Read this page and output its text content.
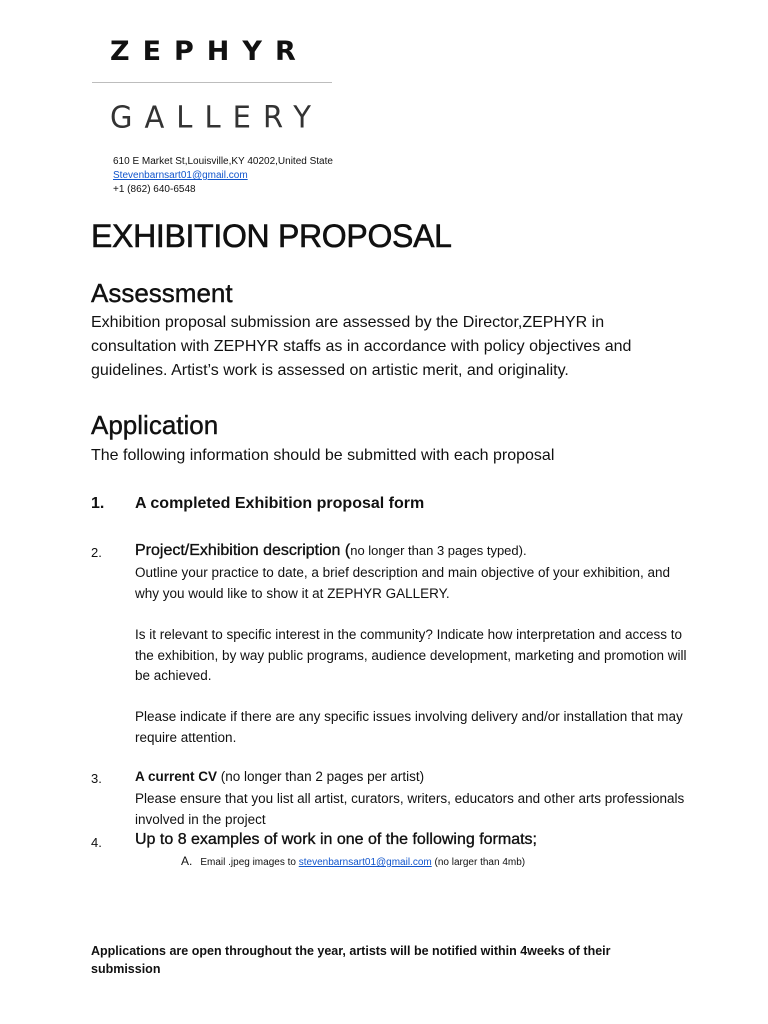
ZEPHYR
GALLERY
610 E Market St,Louisville,KY 40202,United State
Stevenbarnsart01@gmail.com
+1 (862) 640-6548
EXHIBITION PROPOSAL
Assessment

Exhibition proposal submission are assessed by the Director,ZEPHYR in consultation with ZEPHYR staffs as in accordance with policy objectives and guidelines. Artist’s work is assessed on artistic merit, and originality.

Application

The following information should be submitted with each proposal

1. A completed Exhibition proposal form
2. Project/Exhibition description (no longer than 3 pages typed).

Outline your practice to date, a brief description and main objective of your exhibition, and why you would like to show it at ZEPHYR GALLERY.

Is it relevant to specific interest in the community? Indicate how interpretation and access to the exhibition, by way public programs, audience development, marketing and promotion will be achieved.

Please indicate if there are any specific issues involving delivery and/or installation that may require attention.

3. A current CV (no longer than 2 pages per artist)

Please ensure that you list all artist, curators, writers, educators and other arts professionals involved in the project

4. Up to 8 examples of work in one of the following formats;
A. Email .jpeg images to stevenbarnsart01@gmail.com (no larger than 4mb)

Applications are open throughout the year, artists will be notified within 4weeks of their submission
